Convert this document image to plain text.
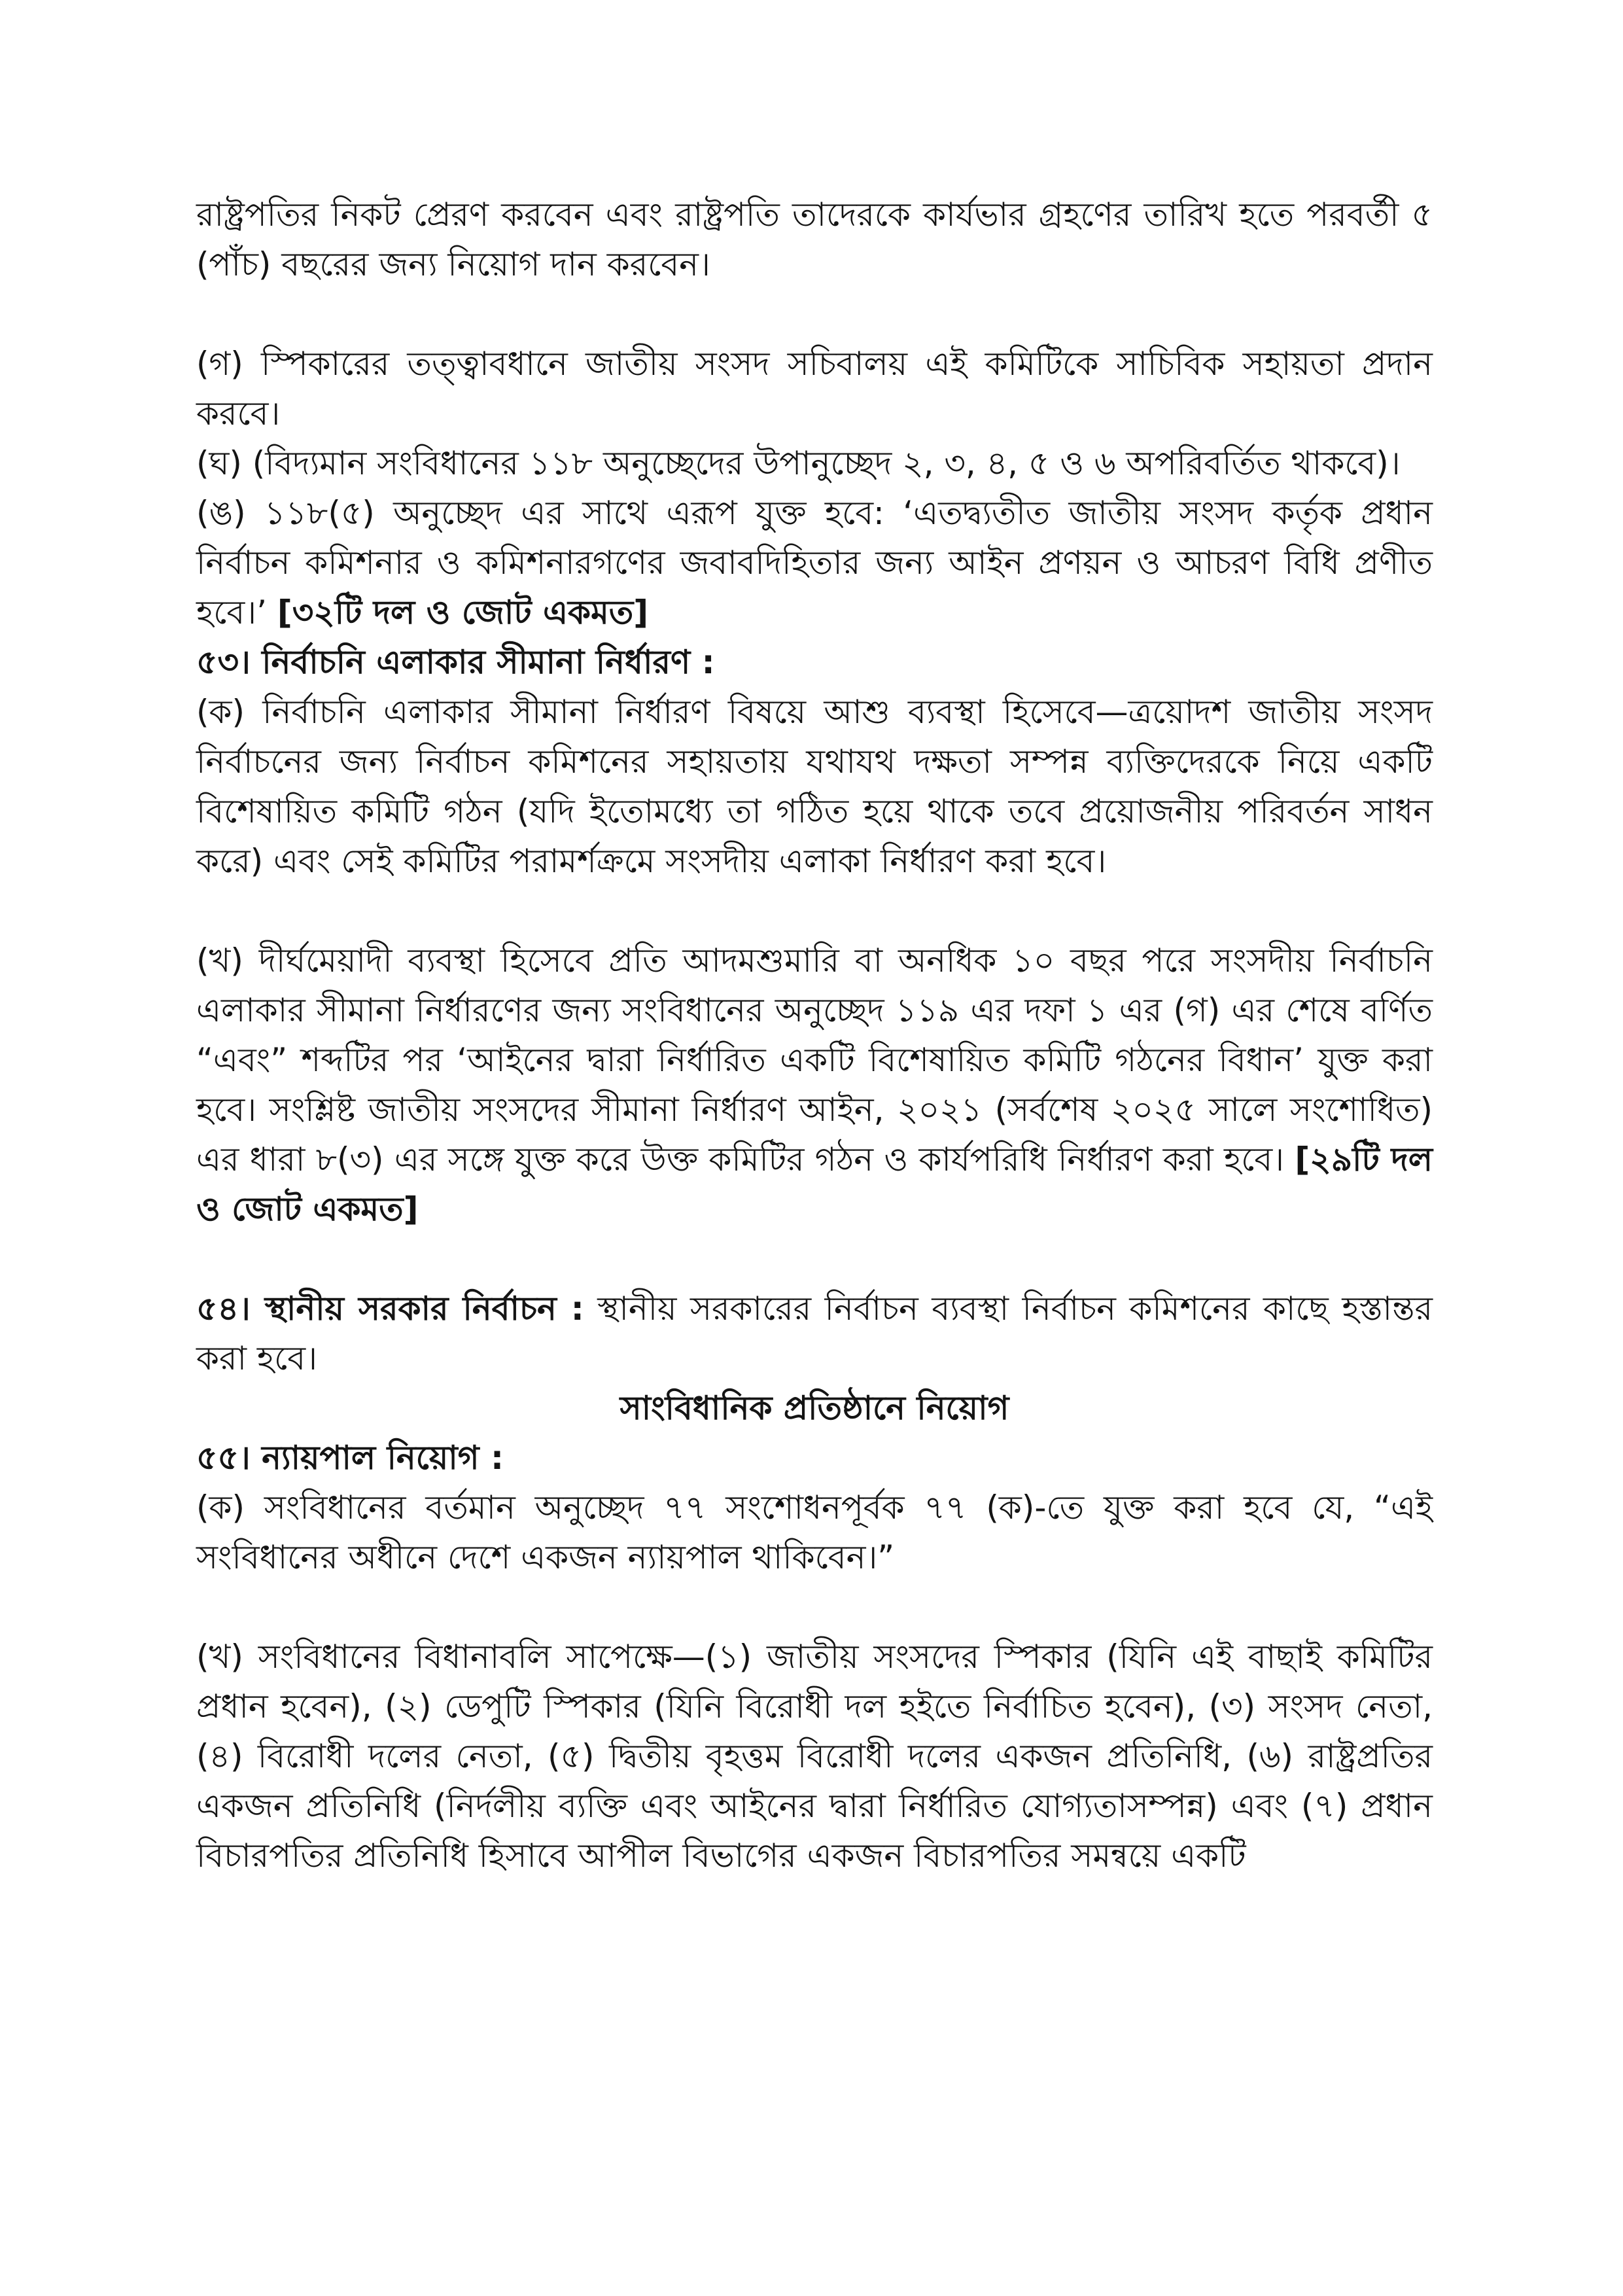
রাষ্ট্রপতির নিকট প্রেরণ করবেন এবং রাষ্ট্রপতি তাদেরকে কার্যভার গ্রহণের তারিখ হতে পরবর্তী ৫ (পাঁচ) বছরের জন্য নিয়োগ দান করবেন।

(গ) স্পিকারের তত্ত্বাবধানে জাতীয় সংসদ সচিবালয় এই কমিটিকে সাচিবিক সহায়তা প্রদান করবে।

(ঘ) (বিদ্যমান সংবিধানের ১১৮ অনুচ্ছেদের উপানুচ্ছেদ ২, ৩, ৪, ৫ ও ৬ অপরিবর্তিত থাকবে)।

(ঙ) ১১৮(৫) অনুচ্ছেদ এর সাথে এরূপ যুক্ত হবে: ‘এতদ্ব্যতীত জাতীয় সংসদ কর্তৃক প্রধান নির্বাচন কমিশনার ও কমিশনারগণের জবাবদিহিতার জন্য আইন প্রণয়ন ও আচরণ বিধি প্রণীত হবে।’ [৩২টি দল ও জোট একমত]

৫৩। নির্বাচনি এলাকার সীমানা নির্ধারণ :

(ক) নির্বাচনি এলাকার সীমানা নির্ধারণ বিষয়ে আশু ব্যবস্থা হিসেবে—ত্রয়োদশ জাতীয় সংসদ নির্বাচনের জন্য নির্বাচন কমিশনের সহায়তায় যথাযথ দক্ষতা সম্পন্ন ব্যক্তিদেরকে নিয়ে একটি বিশেষায়িত কমিটি গঠন (যদি ইতোমধ্যে তা গঠিত হয়ে থাকে তবে প্রয়োজনীয় পরিবর্তন সাধন করে) এবং সেই কমিটির পরামর্শক্রমে সংসদীয় এলাকা নির্ধারণ করা হবে।

(খ) দীর্ঘমেয়াদী ব্যবস্থা হিসেবে প্রতি আদমশুমারি বা অনধিক ১০ বছর পরে সংসদীয় নির্বাচনি এলাকার সীমানা নির্ধারণের জন্য সংবিধানের অনুচ্ছেদ ১১৯ এর দফা ১ এর (গ) এর শেষে বর্ণিত “এবং” শব্দটির পর ‘আইনের দ্বারা নির্ধারিত একটি বিশেষায়িত কমিটি গঠনের বিধান’ যুক্ত করা হবে। সংশ্লিষ্ট জাতীয় সংসদের সীমানা নির্ধারণ আইন, ২০২১ (সর্বশেষ ২০২৫ সালে সংশোধিত) এর ধারা ৮(৩) এর সঙ্গে যুক্ত করে উক্ত কমিটির গঠন ও কার্যপরিধি নির্ধারণ করা হবে। [২৯টি দল ও জোট একমত]

৫৪। স্থানীয় সরকার নির্বাচন : স্থানীয় সরকারের নির্বাচন ব্যবস্থা নির্বাচন কমিশনের কাছে হস্তান্তর করা হবে।

সাংবিধানিক প্রতিষ্ঠানে নিয়োগ

৫৫। ন্যায়পাল নিয়োগ :

(ক) সংবিধানের বর্তমান অনুচ্ছেদ ৭৭ সংশোধনপূর্বক ৭৭ (ক)-তে যুক্ত করা হবে যে, “এই সংবিধানের অধীনে দেশে একজন ন্যায়পাল থাকিবেন।”

(খ) সংবিধানের বিধানাবলি সাপেক্ষে—(১) জাতীয় সংসদের স্পিকার (যিনি এই বাছাই কমিটির প্রধান হবেন), (২) ডেপুটি স্পিকার (যিনি বিরোধী দল হইতে নির্বাচিত হবেন), (৩) সংসদ নেতা, (৪) বিরোধী দলের নেতা, (৫) দ্বিতীয় বৃহত্তম বিরোধী দলের একজন প্রতিনিধি, (৬) রাষ্ট্রপ্রতির একজন প্রতিনিধি (নির্দলীয় ব্যক্তি এবং আইনের দ্বারা নির্ধারিত যোগ্যতাসম্পন্ন) এবং (৭) প্রধান বিচারপতির প্রতিনিধি হিসাবে আপীল বিভাগের একজন বিচারপতির সমন্বয়ে একটি
